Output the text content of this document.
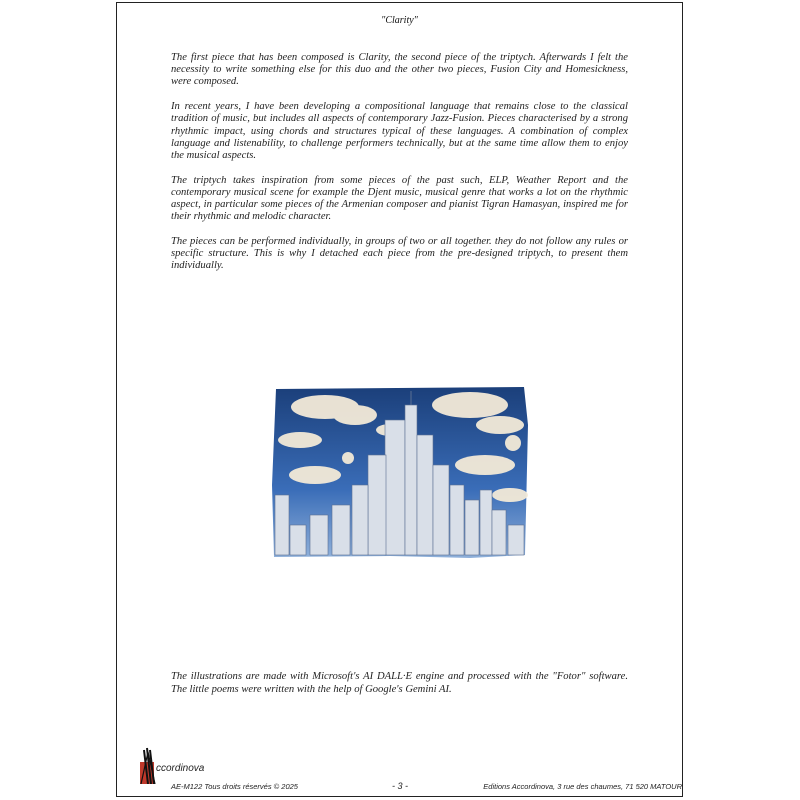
"Clarity"

The first piece that has been composed is Clarity, the second piece of the triptych. Afterwards I felt the necessity to write something else for this duo and the other two pieces, Fusion City and Homesickness, were composed.

In recent years, I have been developing a compositional language that remains close to the classical tradition of music, but includes all aspects of contemporary Jazz-Fusion. Pieces characterised by a strong rhythmic impact, using chords and structures typical of these languages. A combination of complex language and listenability, to challenge performers technically, but at the same time allow them to enjoy the musical aspects.

The triptych takes inspiration from some pieces of the past such, ELP, Weather Report and the contemporary musical scene for example the Djent music, musical genre that works a lot on the rhythmic aspect, in particular some pieces of the Armenian composer and pianist Tigran Hamasyan, inspired me for their rhythmic and melodic character.

The pieces can be performed individually, in groups of two or all together. they do not follow any rules or specific structure. This is why I detached each piece from the pre-designed triptych, to present them individually.

The illustrations are made with Microsoft's AI DALL·E engine and processed with the "Fotor" software. The little poems were written with the help of Google's Gemini AI.
ccordinova
AE-M122 Tous droits réservés © 2025	- 3 -	Editions Accordinova, 3 rue des chaumes, 71 520 MATOUR
